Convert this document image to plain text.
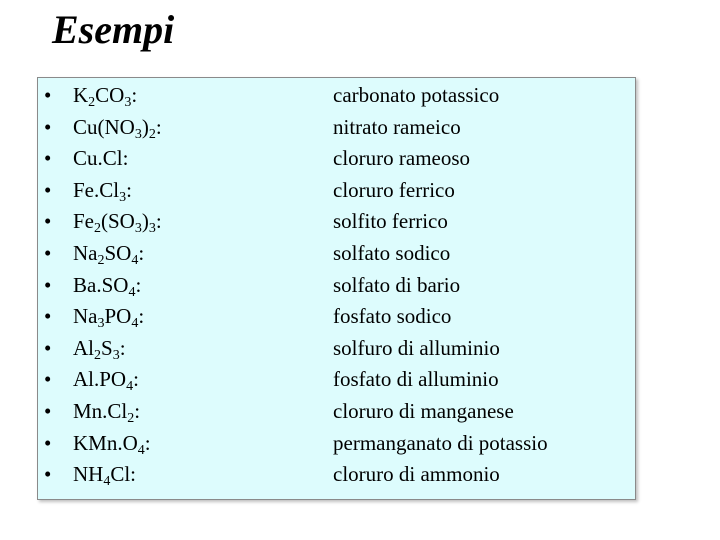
Esempi
• $K_2CO_3$:	carbonato potassico
• $Cu(NO_3)_2$:	nitrato rameico
• Cu.Cl:	cloruro rameoso
• $Fe.Cl_3$:	cloruro ferrico
• $Fe_2(SO_3)_3$:	solfito ferrico
• $Na_2SO_4$:	solfato sodico
• $Ba.SO_4$:	solfato di bario
• $Na_3PO_4$:	fosfato sodico
• $Al_2S_3$:	solfuro di alluminio
• $Al.PO_4$:	fosfato di alluminio
• $Mn.Cl_2$:	cloruro di manganese
• $KMn.O_4$:	permanganato di potassio
• $NH_4Cl$:	cloruro di ammonio
